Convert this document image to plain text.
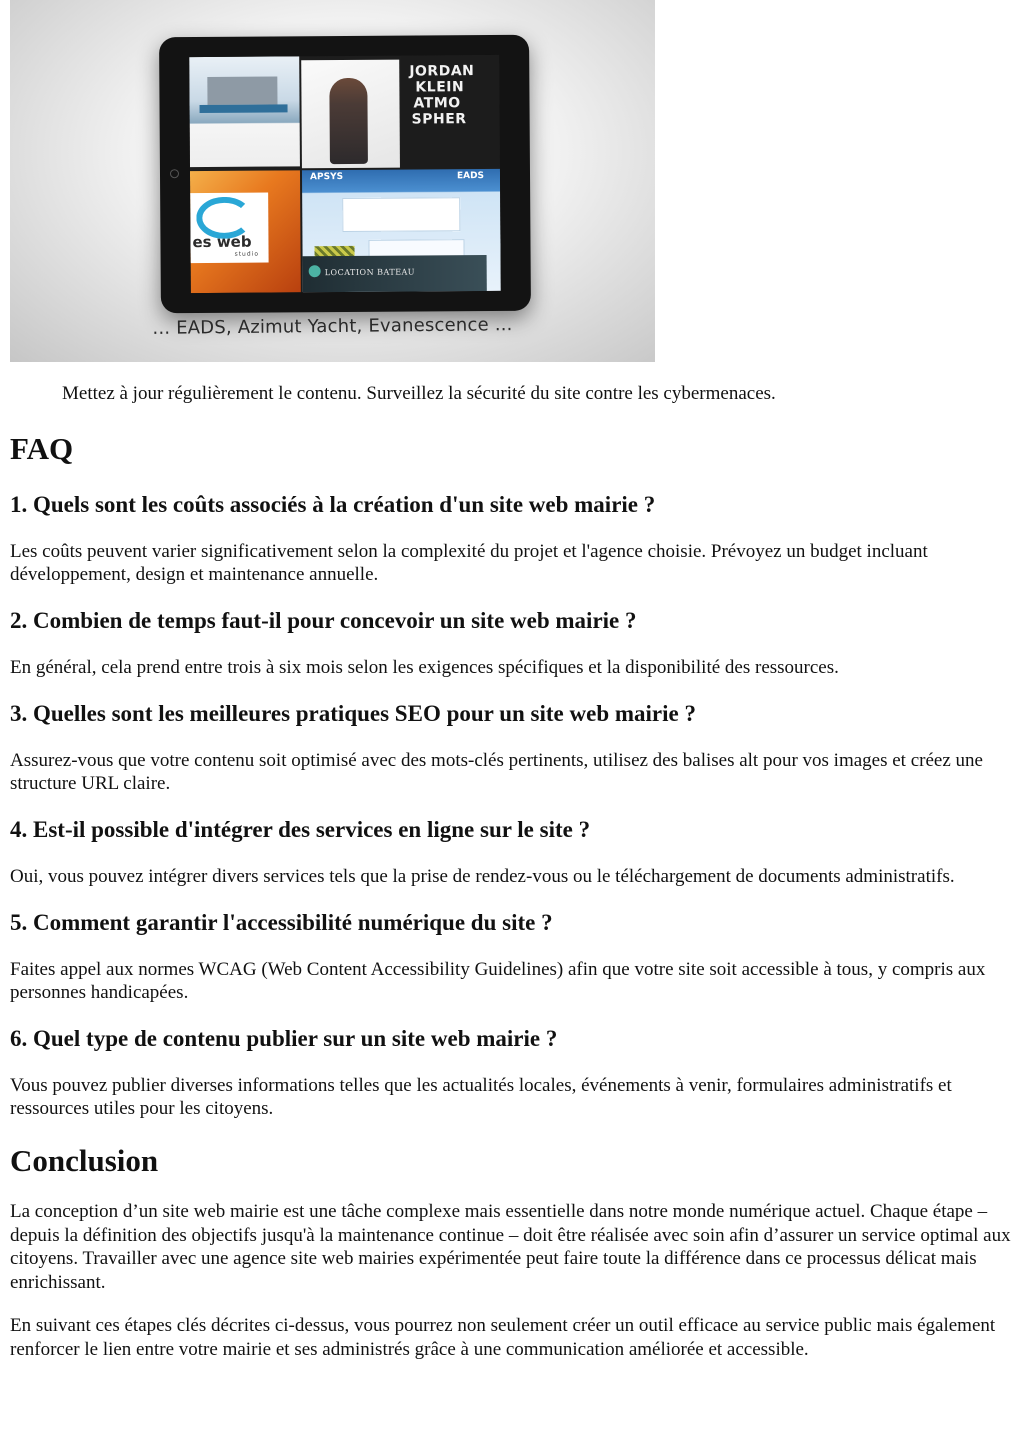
JORDAN
KLEIN
ATMO
SPHER
es web
studio
APSYS	EADS
LOCATION BATEAU
... EADS, Azimut Yacht, Evanescence ...

Mettez à jour régulièrement le contenu. Surveillez la sécurité du site contre les cybermenaces.

FAQ
1. Quels sont les coûts associés à la création d'un site web mairie ?

Les coûts peuvent varier significativement selon la complexité du projet et l'agence choisie. Prévoyez un budget incluant développement, design et maintenance annuelle.

2. Combien de temps faut-il pour concevoir un site web mairie ?

En général, cela prend entre trois à six mois selon les exigences spécifiques et la disponibilité des ressources.

3. Quelles sont les meilleures pratiques SEO pour un site web mairie ?

Assurez-vous que votre contenu soit optimisé avec des mots-clés pertinents, utilisez des balises alt pour vos images et créez une structure URL claire.

4. Est-il possible d'intégrer des services en ligne sur le site ?

Oui, vous pouvez intégrer divers services tels que la prise de rendez-vous ou le téléchargement de documents administratifs.

5. Comment garantir l'accessibilité numérique du site ?

Faites appel aux normes WCAG (Web Content Accessibility Guidelines) afin que votre site soit accessible à tous, y compris aux personnes handicapées.

6. Quel type de contenu publier sur un site web mairie ?

Vous pouvez publier diverses informations telles que les actualités locales, événements à venir, formulaires administratifs et ressources utiles pour les citoyens.

Conclusion

La conception d’un site web mairie est une tâche complexe mais essentielle dans notre monde numérique actuel. Chaque étape – depuis la définition des objectifs jusqu'à la maintenance continue – doit être réalisée avec soin afin d’assurer un service optimal aux citoyens. Travailler avec une agence site web mairies expérimentée peut faire toute la différence dans ce processus délicat mais enrichissant.

En suivant ces étapes clés décrites ci-dessus, vous pourrez non seulement créer un outil efficace au service public mais également renforcer le lien entre votre mairie et ses administrés grâce à une communication améliorée et accessible.
